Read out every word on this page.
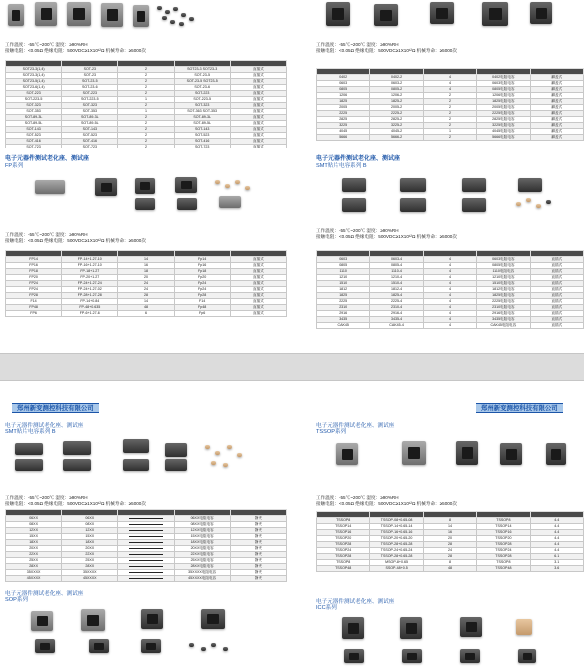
工作温度：-55℃~200℃ 湿度：≥90%RH
接触电阻：<0.05Ω 绝缘电阻：500VDC≥1X10¹²Ω 机械寿命：≥5000次

SOT23-3(1,4)	SOT-23	2	SOT23-3 SOT23-3	直插式
SOT23-3(1,4)	SOT-23	2	SOT-23-5	直插式
SOT23-5(1,4)	SOT-23-5	2	SOT-23-5 SOT23-5	直插式
SOT23-6(1,4)	SOT-23-6	2	SOT-23-6	直插式
SOT-223	SOT-223	2	SOT-223	直插式
SOT-223-5	SOT-223-5	1	SOT-223-5	直插式
SOT-323	SOT-323	2	SOT-323	直插式
SOT-353	SOT-353	1	SOT-363 SOT-353	直插式
SOT-89-3L	SOT-89-3L	2	SOT-89-3L	直插式
SOT-89-5L	SOT-89-5L	2	SOT-89-5L	直插式
SOT-143	SOT-143	2	SOT-143	直插式
SOT-523	SOT-523	2	SOT-523	直插式
SOT-416	SOT-416	2	SOT-416	直插式
SOT-723	SOT-723	2	SOT-723	直插式
电子元器件测试老化座、测试座
FP系列
工作温度：-55℃~200℃ 湿度：≥90%RH
接触电阻：<0.05Ω 绝缘电阻：500VDC≥1X10¹²Ω 机械寿命：≥5000次

FP14	FP-14+1.27-10	14	Fp14	直插式
FP16	FP-16+1.27-10	16	Fp16	直插式
FP18	FP-18+1.27	18	Fp18	直插式
FP20	FP-20+1.27	20	Fp20	直插式
FP24	FP-24+1.27-24	24	Fp24	直插式
FP24	FP-24+1.27-02	24	Fp24	直插式
FP28	FP-28+1.27-28	28	Fp28	直插式
F14	FP-14+0.84	14	F14	直插式
FP48	FP-48+0.635	48	Fp48	直插式
FP6	FP-6+1.27-6	6	Fp6	直插式
工作温度：-55℃~200℃ 湿度：≥90%RH
接触电阻：<0.05Ω 绝缘电阻：500VDC≥1X10¹²Ω 机械寿命：≥5000次

0402	0402-2	4	0402电阻电容	翻盖式
0603	0603-2	4	0603电阻电容	翻盖式
0805	0805-2	4	0805电阻电容	翻盖式
1206	1206-2	2	1206电阻电容	翻盖式
1825	1825-2	2	1825电阻电容	翻盖式
2005	2005-2	2	2005电阻电容	翻盖式
2225	2225-2	2	2225电阻电容	翻盖式
2825	2825-2	2	2825电阻电容	翻盖式
3225	3225-2	2	3225电阻电容	翻盖式
4045	4045-2	1	4045电阻电容	翻盖式
5666	5666-2	2	5666电阻电容	翻盖式
电子元器件测试老化座、测试座
SMT贴片电容系列 B
工作温度：-55℃~200℃ 湿度：≥90%RH
接触电阻：<0.05Ω 绝缘电阻：500VDC≥1X10¹²Ω 机械寿命：≥5000次

0603	0603-4	4	0603电阻电容	直插式
0805	0805-4	4	0805电阻电容	直插式
1110	1110-4	4	1110电阻电容	直插式
1210	1210-4	4	1210电阻电容	直插式
1510	1510-4	4	1510电阻电容	直插式
1812	1812-4	4	1812电阻电容	直插式
1825	1825-4	4	1825电阻电容	直插式
2225	2225-4	4	2225电阻电容	直插式
2310	2310-4	4	2310电阻电容	直插式
2916	2916-4	4	2916电阻电容	直插式
3435	3435-4	4	3435电阻电容	直插式
CAK45	CAK45-4	4	CAK45电阻电容	直插式
郑州新变测控科技有限公司	郑州新变测控科技有限公司
电子元器件测试老化座、测试座
SMT贴片电容系列 B
工作温度：-55℃~200℃ 湿度：≥90%RH
接触电阻：<0.05Ω 绝缘电阻：500VDC≥1X10¹²Ω 机械寿命：≥5000次

06XX	06XX		06XX电阻电容	静夹
08XX	08XX		08XX电阻电容	静夹
12XX	12XX		12XX电阻电容	静夹
15XX	15XX		15XX电阻电容	静夹
18XX	18XX		18XX电阻电容	静夹
20XX	20XX		20XX电阻电容	静夹
22XX	22XX		22XX电阻电容	静夹
25XX	25XX		25XX电阻电容	静夹
28XX	28XX		28XX电阻电容	静夹
35XXXX	35XXXX		35XXXX电阻电容	静夹
45XXXX	45XXXX		45XXXX电阻电容	静夹
电子元器件测试老化座、测试座
SOP系列
电子元器件测试老化座、测试座
TSSOP系列
工作温度：-55℃~200℃ 湿度：≥90%RH
接触电阻：<0.05Ω 绝缘电阻：500VDC≥1X10¹²Ω 机械寿命：≥5000次

TSSOP8	TSSOP-08+0.65-08	8	TSSOP8	4.4
TSSOP14	TSSOP-14+0.65-14	14	TSSOP14	4.4
TSSOP16	TSSOP-16+0.65-16	16	TSSOP16	4.4
TSSOP20	TSSOP-20+0.65-20	20	TSSOP20	4.4
TSSOP28	TSSOP-28+0.65-28	28	TSSOP28	4.4
TSSOP24	TSSOP-24+0.65-24	24	TSSOP24	4.4
TSSOP28	TSSOP-28+0.65-28	28	TSSOP28	6.1
TSSOP8	MSOP-8+0.65	8	TSSOP8	3.1
TSSOP48	SSOP-48+0.5	48	TSSOP48	3.6
电子元器件测试老化座、测试座
ICC系列
